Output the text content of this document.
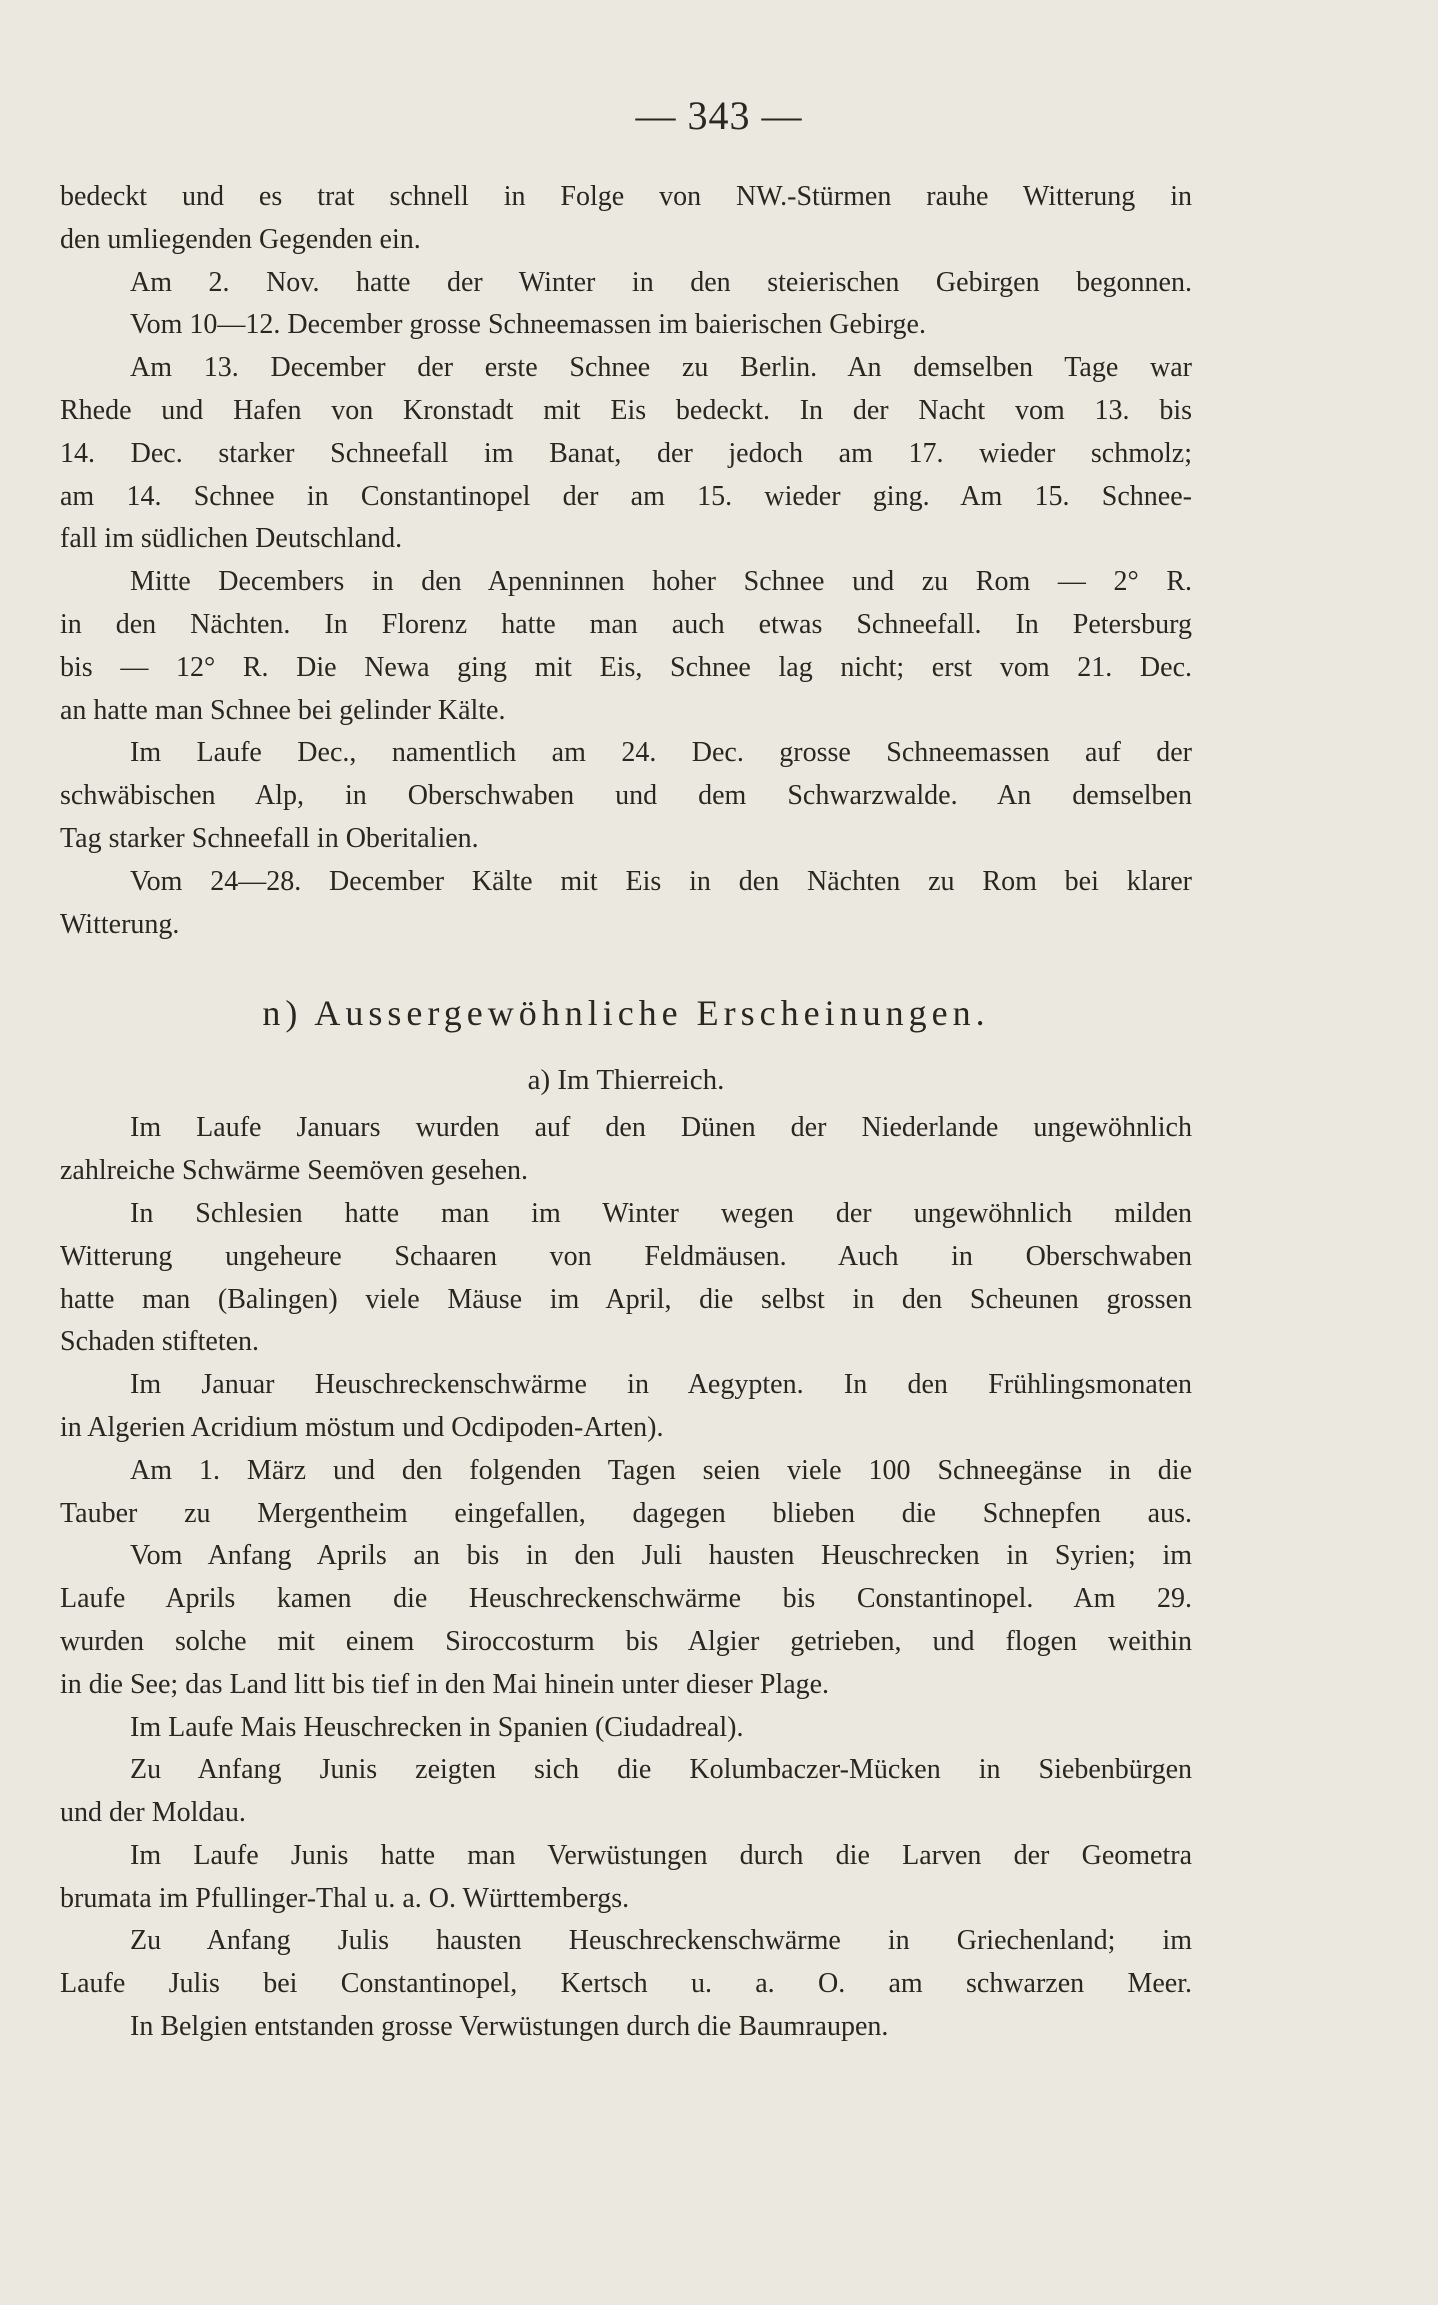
— 343 —
bedeckt und es trat schnell in Folge von NW.-Stürmen rauhe Witterung in
den umliegenden Gegenden ein.
Am 2. Nov. hatte der Winter in den steierischen Gebirgen begonnen.
Vom 10—12. December grosse Schneemassen im baierischen Gebirge.
Am 13. December der erste Schnee zu Berlin. An demselben Tage war
Rhede und Hafen von Kronstadt mit Eis bedeckt. In der Nacht vom 13. bis
14. Dec. starker Schneefall im Banat, der jedoch am 17. wieder schmolz;
am 14. Schnee in Constantinopel der am 15. wieder ging. Am 15. Schnee-
fall im südlichen Deutschland.
Mitte Decembers in den Apenninnen hoher Schnee und zu Rom — 2° R.
in den Nächten. In Florenz hatte man auch etwas Schneefall. In Petersburg
bis — 12° R. Die Newa ging mit Eis, Schnee lag nicht; erst vom 21. Dec.
an hatte man Schnee bei gelinder Kälte.
Im Laufe Dec., namentlich am 24. Dec. grosse Schneemassen auf der
schwäbischen Alp, in Oberschwaben und dem Schwarzwalde. An demselben
Tag starker Schneefall in Oberitalien.
Vom 24—28. December Kälte mit Eis in den Nächten zu Rom bei klarer
Witterung.
n) Aussergewöhnliche Erscheinungen.
a) Im Thierreich.
Im Laufe Januars wurden auf den Dünen der Niederlande ungewöhnlich
zahlreiche Schwärme Seemöven gesehen.
In Schlesien hatte man im Winter wegen der ungewöhnlich milden
Witterung ungeheure Schaaren von Feldmäusen. Auch in Oberschwaben
hatte man (Balingen) viele Mäuse im April, die selbst in den Scheunen grossen
Schaden stifteten.
Im Januar Heuschreckenschwärme in Aegypten. In den Frühlingsmonaten
in Algerien Acridium möstum und Ocdipoden-Arten).
Am 1. März und den folgenden Tagen seien viele 100 Schneegänse in die
Tauber zu Mergentheim eingefallen, dagegen blieben die Schnepfen aus.
Vom Anfang Aprils an bis in den Juli hausten Heuschrecken in Syrien; im
Laufe Aprils kamen die Heuschreckenschwärme bis Constantinopel. Am 29.
wurden solche mit einem Siroccosturm bis Algier getrieben, und flogen weithin
in die See; das Land litt bis tief in den Mai hinein unter dieser Plage.
Im Laufe Mais Heuschrecken in Spanien (Ciudadreal).
Zu Anfang Junis zeigten sich die Kolumbaczer-Mücken in Siebenbürgen
und der Moldau.
Im Laufe Junis hatte man Verwüstungen durch die Larven der Geometra
brumata im Pfullinger-Thal u. a. O. Württembergs.
Zu Anfang Julis hausten Heuschreckenschwärme in Griechenland; im
Laufe Julis bei Constantinopel, Kertsch u. a. O. am schwarzen Meer.
In Belgien entstanden grosse Verwüstungen durch die Baumraupen.
